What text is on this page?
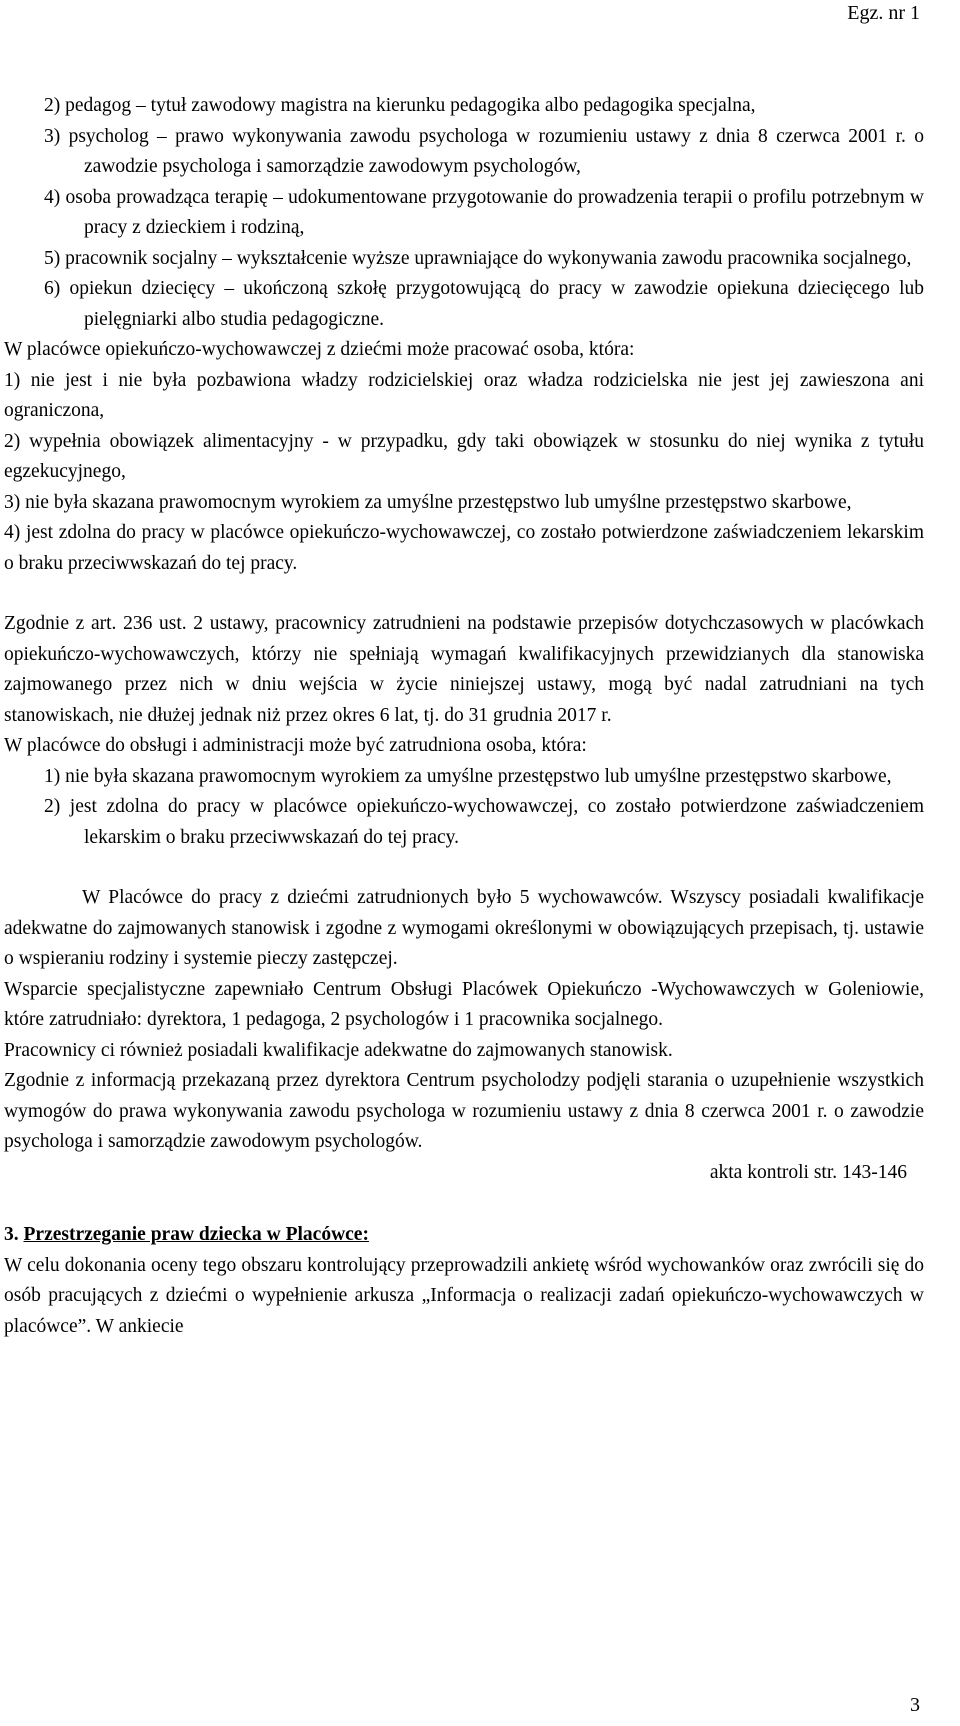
Egz. nr 1

2) pedagog – tytuł zawodowy magistra na kierunku pedagogika albo pedagogika specjalna,

3) psycholog – prawo wykonywania zawodu psychologa w rozumieniu ustawy z dnia 8 czerwca 2001 r. o zawodzie psychologa i samorządzie zawodowym psychologów,

4) osoba prowadząca terapię – udokumentowane przygotowanie do prowadzenia terapii o profilu potrzebnym w pracy z dzieckiem i rodziną,

5) pracownik socjalny – wykształcenie wyższe uprawniające do wykonywania zawodu pracownika socjalnego,

6) opiekun dziecięcy – ukończoną szkołę przygotowującą do pracy w zawodzie opiekuna dziecięcego lub pielęgniarki albo studia pedagogiczne.

W placówce opiekuńczo-wychowawczej z dziećmi może pracować osoba, która:

1) nie jest i nie była pozbawiona władzy rodzicielskiej oraz władza rodzicielska nie jest jej zawieszona ani ograniczona,

2) wypełnia obowiązek alimentacyjny - w przypadku, gdy taki obowiązek w stosunku do niej wynika z tytułu egzekucyjnego,

3) nie była skazana prawomocnym wyrokiem za umyślne przestępstwo lub umyślne przestępstwo skarbowe,

4) jest zdolna do pracy w placówce opiekuńczo-wychowawczej, co zostało potwierdzone zaświadczeniem lekarskim o braku przeciwwskazań do tej pracy.

Zgodnie z art. 236 ust. 2 ustawy, pracownicy zatrudnieni na podstawie przepisów dotychczasowych w placówkach opiekuńczo-wychowawczych, którzy nie spełniają wymagań kwalifikacyjnych przewidzianych dla stanowiska zajmowanego przez nich w dniu wejścia w życie niniejszej ustawy, mogą być nadal zatrudniani na tych stanowiskach, nie dłużej jednak niż przez okres 6 lat, tj. do 31 grudnia 2017 r.

W placówce do obsługi i administracji może być zatrudniona osoba, która:

1) nie była skazana prawomocnym wyrokiem za umyślne przestępstwo lub umyślne przestępstwo skarbowe,

2) jest zdolna do pracy w placówce opiekuńczo-wychowawczej, co zostało potwierdzone zaświadczeniem lekarskim o braku przeciwwskazań do tej pracy.

W Placówce do pracy z dziećmi zatrudnionych było 5 wychowawców. Wszyscy posiadali kwalifikacje adekwatne do zajmowanych stanowisk i zgodne z wymogami określonymi w obowiązujących przepisach, tj. ustawie o wspieraniu rodziny i systemie pieczy zastępczej.

Wsparcie specjalistyczne zapewniało Centrum Obsługi Placówek Opiekuńczo -Wychowawczych w Goleniowie, które zatrudniało: dyrektora, 1 pedagoga, 2 psychologów i 1 pracownika socjalnego.

Pracownicy ci również posiadali kwalifikacje adekwatne do zajmowanych stanowisk.

Zgodnie z informacją przekazaną przez dyrektora Centrum psycholodzy podjęli starania o uzupełnienie wszystkich wymogów do prawa wykonywania zawodu psychologa w rozumieniu ustawy z dnia 8 czerwca 2001 r. o zawodzie psychologa i samorządzie zawodowym psychologów.

akta kontroli str. 143-146

3. Przestrzeganie praw dziecka w Placówce:

W celu dokonania oceny tego obszaru kontrolujący przeprowadzili ankietę wśród wychowanków oraz zwrócili się do osób pracujących z dziećmi o wypełnienie arkusza „Informacja o realizacji zadań opiekuńczo-wychowawczych w placówce”. W ankiecie

3
